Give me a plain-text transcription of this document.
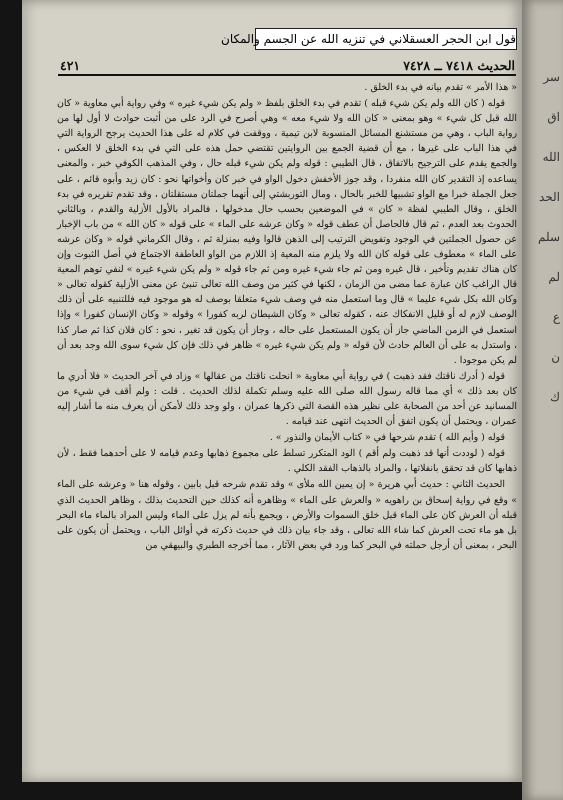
سر
اق
الله
الحد
سلم
لم
ع
ن
ك
قول ابن الحجر العسقلاني في تنزيه الله عن الجسم والمكان
الحديث ٧٤١٨ ــ ٧٤٢٨
٤٢١

« هذا الأمر » تقدم بيانه في بدء الخلق .

قوله ( كان الله ولم يكن شيء قبله ) تقدم في بدء الخلق بلفظ « ولم يكن شيء غيره » وفي رواية أبي معاوية « كان الله قبل كل شيء » وهو بمعنى « كان الله ولا شيء معه » وهي أصرح في الرد على من أثبت حوادث لا أول لها من رواية الباب ، وهي من مستشنع المسائل المنسوبة لابن تيمية ، ووقفت في كلام له على هذا الحديث يرجح الرواية التي في هذا الباب على غيرها ، مع أن قضية الجمع بين الروايتين تقتضي حمل هذه على التي في بدء الخلق لا العكس ، والجمع يقدم على الترجيح بالاتفاق ، قال الطيبي : قوله ولم يكن شيء قبله حال ، وفي المذهب الكوفي خبر ، والمعنى يساعده إذ التقدير كان الله منفردا ، وقد جوز الأخفش دخول الواو في خبر كان وأخواتها نحو : كان زيد وأبوه قائم ، على جعل الجملة خبرا مع الواو تشبيها للخبر بالحال ، ومال التوربشتي إلى أنهما جملتان مستقلتان ، وقد تقدم تقريره في بدء الخلق ، وقال الطيبي لفظة « كان » في الموضعين بحسب حال مدخولها ، فالمراد بالأول الأزلية والقدم ، وبالثاني الحدوث بعد العدم ، ثم قال فالحاصل أن عطف قوله « وكان عرشه على الماء » على قوله « كان الله » من باب الإخبار عن حصول الجملتين في الوجود وتفويض الترتيب إلى الذهن قالوا وفيه بمنزلة ثم ، وقال الكرماني قوله « وكان عرشه على الماء » معطوف على قوله كان الله ولا يلزم منه المعية إذ اللازم من الواو العاطفة الاجتماع في أصل الثبوت وإن كان هناك تقديم وتأخير ، قال غيره ومن ثم جاء شيء غيره ومن ثم جاء قوله « ولم يكن شيء غيره » لنفي توهم المعية قال الراغب كان عبارة عما مضى من الزمان ، لكنها في كثير من وصف الله تعالى تنبئ عن معنى الأزلية كقوله تعالى « وكان الله بكل شيء عليما » قال وما استعمل منه في وصف شيء متعلقا بوصف له هو موجود فيه فللتنبيه على أن ذلك الوصف لازم له أو قليل الانفكاك عنه ، كقوله تعالى « وكان الشيطان لربه كفورا » وقوله « وكان الإنسان كفورا » وإذا استعمل في الزمن الماضي جاز أن يكون المستعمل على حاله ، وجاز أن يكون قد تغير ، نحو : كان فلان كذا ثم صار كذا ، واستدل به على أن العالم حادث لأن قوله « ولم يكن شيء غيره » ظاهر في ذلك فإن كل شيء سوى الله وجد بعد أن لم يكن موجودا .

قوله ( أدرك ناقتك فقد ذهبت ) في رواية أبي معاوية « انحلت ناقتك من عقالها » وزاد في آخر الحديث « فلا أدري ما كان بعد ذلك » أي مما قاله رسول الله صلى الله عليه وسلم تكملة لذلك الحديث . قلت : ولم أقف في شيء من المسانيد عن أحد من الصحابة على نظير هذه القصة التي ذكرها عمران ، ولو وجد ذلك لأمكن أن يعرف منه ما أشار إليه عمران ، ويحتمل أن يكون اتفق أن الحديث انتهى عند قيامه .

قوله ( وأيم الله ) تقدم شرحها في « كتاب الأيمان والنذور » .

قوله ( لوددت أنها قد ذهبت ولم أقم ) الود المتكرر تسلط على مجموع ذهابها وعدم قيامه لا على أحدهما فقط ، لأن ذهابها كان قد تحقق بانفلاتها ، والمراد بالذهاب الفقد الكلي .

الحديث الثاني : حديث أبي هريرة « إن يمين الله ملأى » وقد تقدم شرحه قبل بابين ، وقوله هنا « وعرشه على الماء » وقع في رواية إسحاق بن راهويه « والعرش على الماء » وظاهره أنه كذلك حين التحديث بذلك ، وظاهر الحديث الذي قبله أن العرش كان على الماء قبل خلق السموات والأرض ، ويجمع بأنه لم يزل على الماء وليس المراد بالماء ماء البحر بل هو ماء تحت العرش كما شاء الله تعالى ، وقد جاء بيان ذلك في حديث ذكرته في أوائل الباب ، ويحتمل أن يكون على البحر ، بمعنى أن أرجل حملته في البحر كما ورد في بعض الآثار ، مما أخرجه الطبري والبيهقي من
